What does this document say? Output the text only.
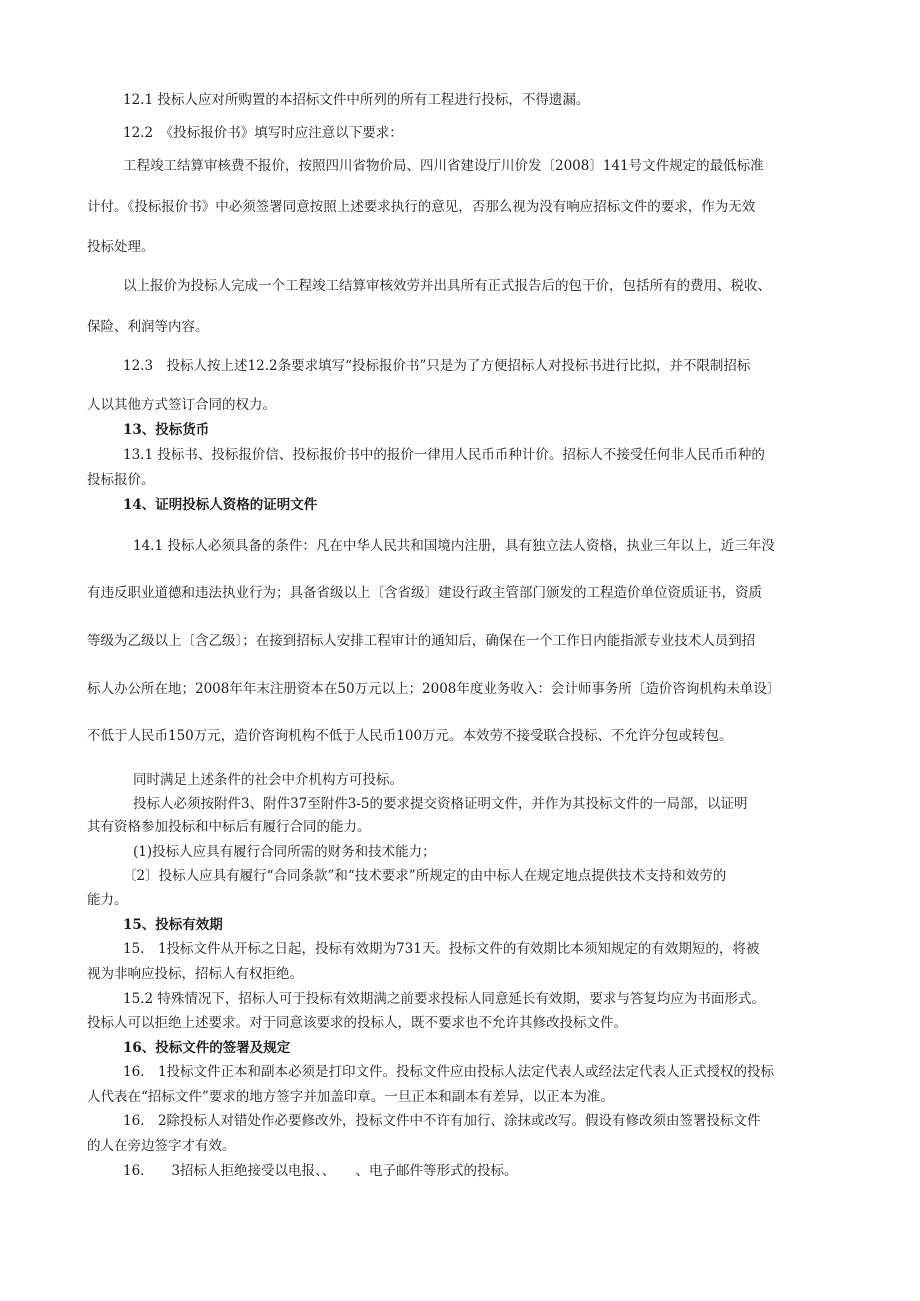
12.1 投标人应对所购置的本招标文件中所列的所有工程进行投标，不得遗漏。
12.2　《投标报价书》填写时应注意以下要求：
工程竣工结算审核费不报价，按照四川省物价局、四川省建设厅川价发〔2008〕141号文件规定的最低标准
计付。《投标报价书》中必须签署同意按照上述要求执行的意见，否那么视为没有响应招标文件的要求，作为无效
投标处理。
以上报价为投标人完成一个工程竣工结算审核效劳并出具所有正式报告后的包干价，包括所有的费用、税收、
保险、利润等内容。
12.3　投标人按上述12.2条要求填写“投标报价书”只是为了方便招标人对投标书进行比拟，并不限制招标
人以其他方式签订合同的权力。
13、投标货币
13.1 投标书、投标报价信、投标报价书中的报价一律用人民币币种计价。招标人不接受任何非人民币币种的
投标报价。
14、证明投标人资格的证明文件
14.1 投标人必须具备的条件：凡在中华人民共和国境内注册，具有独立法人资格，执业三年以上，近三年没
有违反职业道德和违法执业行为；具备省级以上〔含省级〕建设行政主管部门颁发的工程造价单位资质证书，资质
等级为乙级以上〔含乙级〕；在接到招标人安排工程审计的通知后，确保在一个工作日内能指派专业技术人员到招
标人办公所在地；2008年年末注册资本在50万元以上；2008年度业务收入：会计师事务所〔造价咨询机构未单设〕
不低于人民币150万元，造价咨询机构不低于人民币100万元。本效劳不接受联合投标、不允许分包或转包。
同时满足上述条件的社会中介机构方可投标。
投标人必须按附件3、附件37至附件3-5的要求提交资格证明文件，并作为其投标文件的一局部，以证明
其有资格参加投标和中标后有履行合同的能力。
(1)投标人应具有履行合同所需的财务和技术能力；
〔2〕投标人应具有履行“合同条款”和“技术要求”所规定的由中标人在规定地点提供技术支持和效劳的
能力。
15、投标有效期
15.　1投标文件从开标之日起，投标有效期为731天。投标文件的有效期比本须知规定的有效期短的，将被
视为非响应投标，招标人有权拒绝。
15.2 特殊情况下，招标人可于投标有效期满之前要求投标人同意延长有效期，要求与答复均应为书面形式。
投标人可以拒绝上述要求。对于同意该要求的投标人，既不要求也不允许其修改投标文件。
16、投标文件的签署及规定
16.　1投标文件正本和副本必须是打印文件。投标文件应由投标人法定代表人或经法定代表人正式授权的投标
人代表在“招标文件”要求的地方签字并加盖印章。一旦正本和副本有差异，以正本为准。
16.　2除投标人对错处作必要修改外，投标文件中不许有加行、涂抹或改写。假设有修改须由签署投标文件
的人在旁边签字才有效。
16.　　3招标人拒绝接受以电报、、　　、电子邮件等形式的投标。
